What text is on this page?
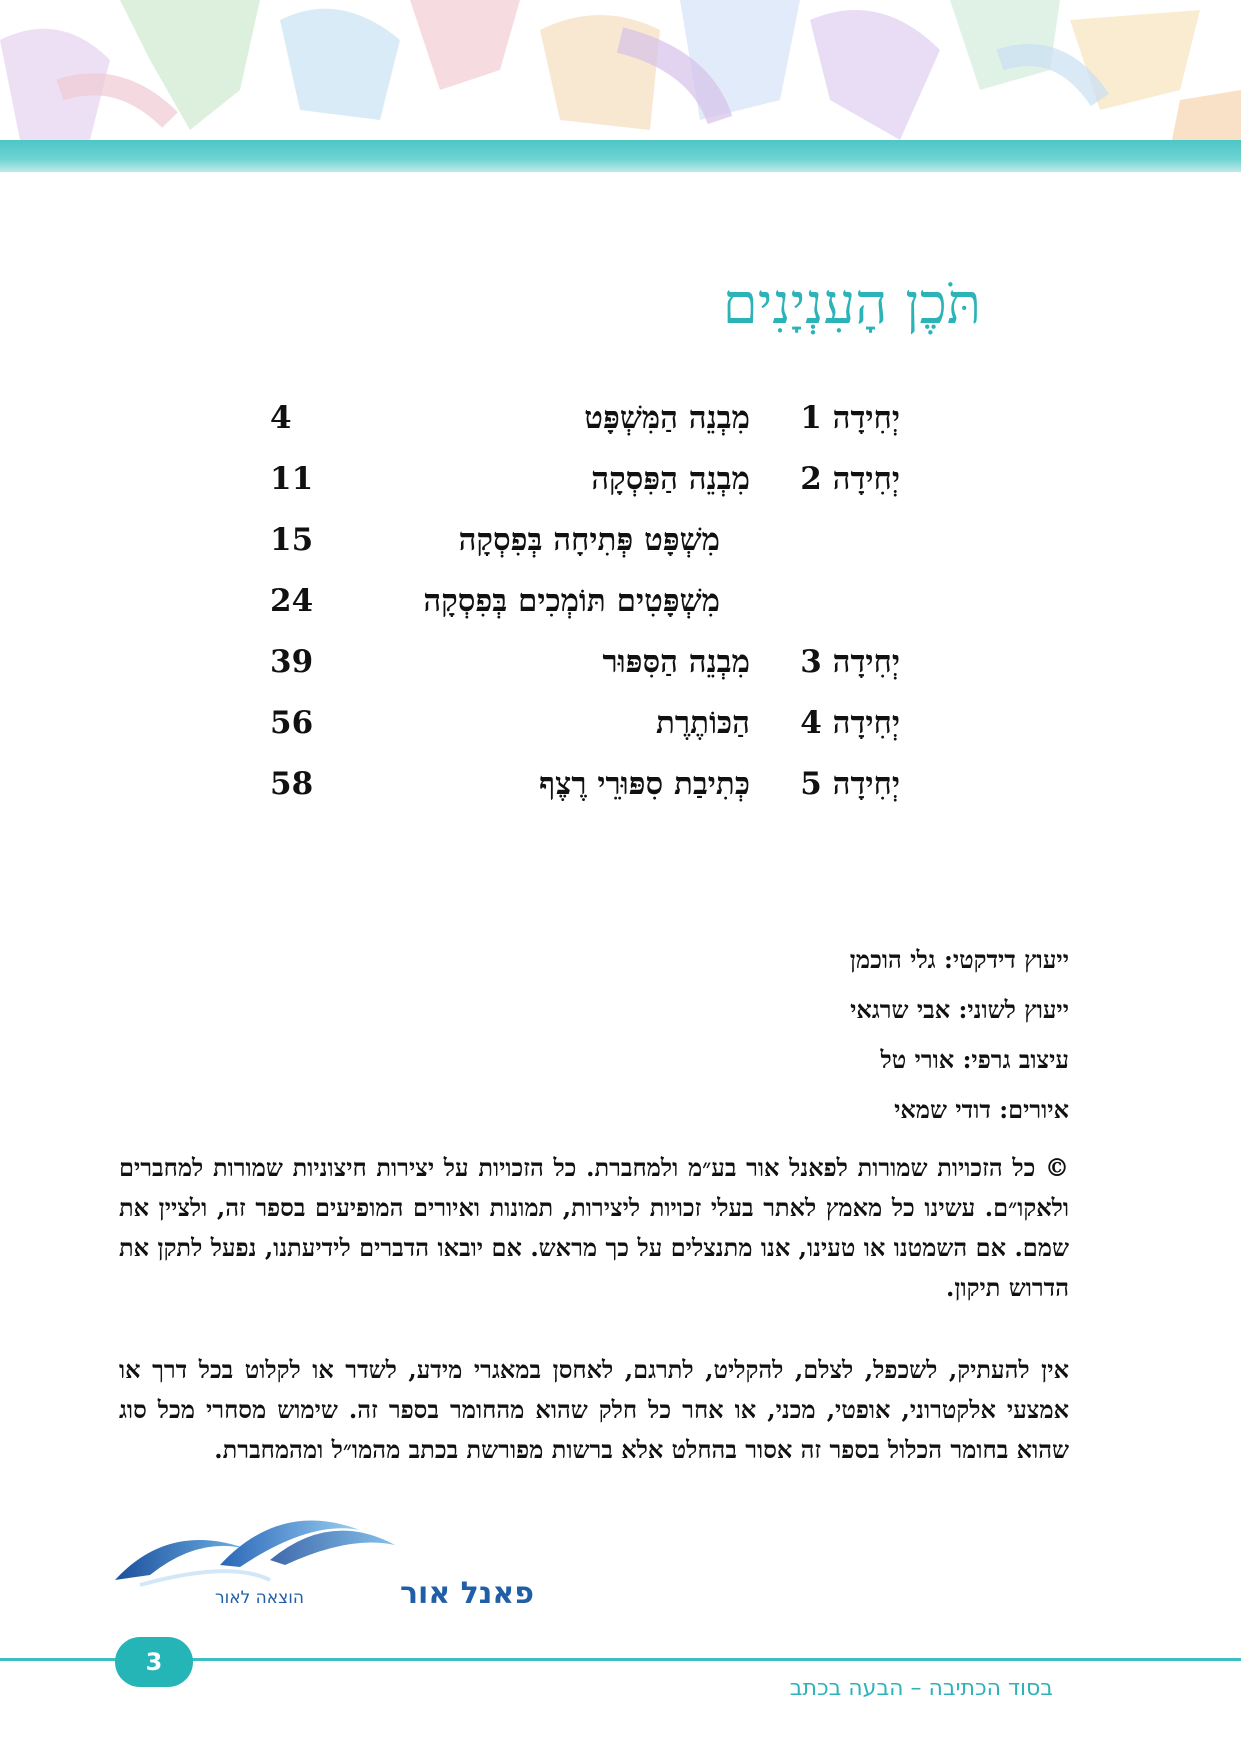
תֹּכֶן הָעִנְיָנִים
יְחִידָה 1
מִבְנֵה הַמִּשְׁפָּט
4
יְחִידָה 2
מִבְנֵה הַפִּסְקָה
11
מִשְׁפָּט פְּתִיחָה בְּפִסְקָה
15
מִשְׁפָּטִים תּוֹמְכִים בְּפִסְקָה
24
יְחִידָה 3
מִבְנֵה הַסִּפּוּר
39
יְחִידָה 4
הַכּוֹתֶרֶת
56
יְחִידָה 5
כְּתִיבַת סִפּוּרֵי רֶצֶף
58
ייעוץ דידקטי: גלי הוכמן
ייעוץ לשוני: אבי שרגאי
עיצוב גרפי: אורי טל
איורים: דודי שמאי
© כל הזכויות שמורות לפאנל אור בע״מ ולמחברת. כל הזכויות על יצירות חיצוניות שמורות למחברים ולאקו״ם. עשינו כל מאמץ לאתר בעלי זכויות ליצירות, תמונות ואיורים המופיעים בספר זה, ולציין את שמם. אם השמטנו או טעינו, אנו מתנצלים על כך מראש. אם יובאו הדברים לידיעתנו, נפעל לתקן את הדרוש תיקון.
אין להעתיק, לשכפל, לצלם, להקליט, לתרגם, לאחסן במאגרי מידע, לשדר או לקלוט בכל דרך או אמצעי אלקטרוני, אופטי, מכני, או אחר כל חלק שהוא מהחומר בספר זה. שימוש מסחרי מכל סוג שהוא בחומר הכלול בספר זה אסור בהחלט אלא ברשות מפורשת בכתב מהמו״ל ומהמחברת.
פאנל אור
הוצאה לאור
3
בסוד הכתיבה – הבעה בכתב
